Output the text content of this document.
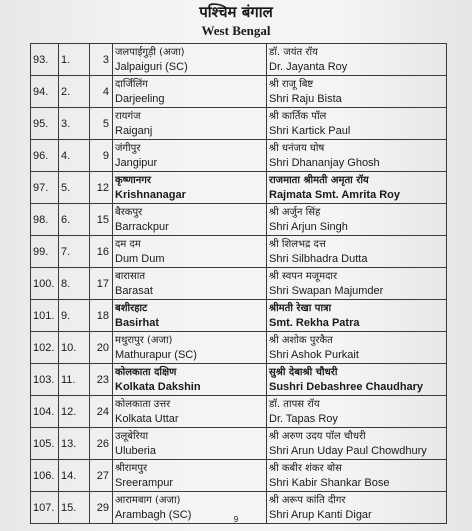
पश्चिम बंगाल
West Bengal
93.	1.	3	जलपाईगुड़ी (अजा)
Jalpaiguri (SC)	डॉ. जयंत रॉय
Dr. Jayanta Roy

94.	2.	4	दार्जिलिंग
Darjeeling	श्री राजू बिष्ट
Shri Raju Bista

95.	3.	5	रायगंज
Raiganj	श्री कार्तिक पॉल
Shri Kartick Paul

96.	4.	9	जंगीपुर
Jangipur	श्री धनंजय घोष
Shri Dhananjay Ghosh

97.	5.	12	कृष्णानगर
Krishnanagar	राजमाता श्रीमती अमृता रॉय
Rajmata Smt. Amrita Roy

98.	6.	15	बैरकपुर
Barrackpur	श्री अर्जुन सिंह
Shri Arjun Singh

99.	7.	16	दम दम
Dum Dum	श्री शिलभद्र दत्त
Shri Silbhadra Dutta

100.	8.	17	बारासात
Barasat	श्री स्वपन मजूमदार
Shri Swapan Majumder

101.	9.	18	बशीरहाट
Basirhat	श्रीमती रेखा पात्रा
Smt. Rekha Patra

102.	10.	20	मथुरापुर (अजा)
Mathurapur (SC)	श्री अशोक पुरकैत
Shri Ashok Purkait

103.	11.	23	कोलकाता दक्षिण
Kolkata Dakshin	सुश्री देबाश्री चौधरी
Sushri Debashree Chaudhary

104.	12.	24	कोलकाता उत्तर
Kolkata Uttar	डॉ. तापस रॉय
Dr. Tapas Roy

105.	13.	26	उलूबेरिया
Uluberia	श्री अरुण उदय पॉल चौधरी
Shri Arun Uday Paul Chowdhury

106.	14.	27	श्रीरामपुर
Sreerampur	श्री कबीर शंकर बोस
Shri Kabir Shankar Bose

107.	15.	29	आरामबाग (अजा)
Arambagh (SC)	श्री अरूप कांति दीगर
Shri Arup Kanti Digar
9
